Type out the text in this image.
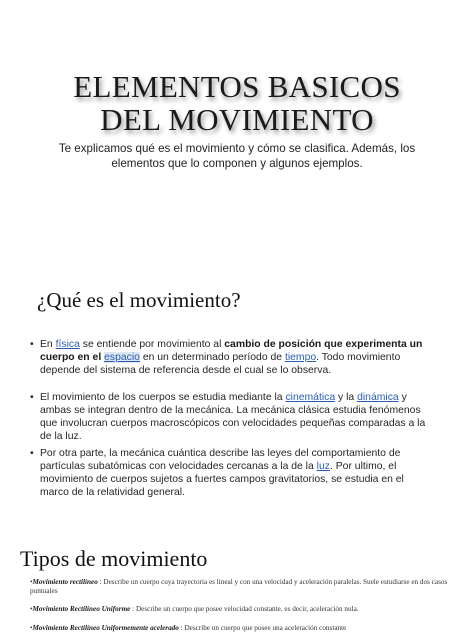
ELEMENTOS BASICOS
DEL MOVIMIENTO
Te explicamos qué es el movimiento y cómo se clasifica. Además, los
elementos que lo componen y algunos ejemplos.
¿Qué es el movimiento?
• En física se entiende por movimiento al cambio de posición que experimenta un cuerpo en el espacio en un determinado período de tiempo. Todo movimiento depende del sistema de referencia desde el cual se lo observa.
• El movimiento de los cuerpos se estudia mediante la cinemática y la dinámica y ambas se integran dentro de la mecánica. La mecánica clásica estudia fenómenos que involucran cuerpos macroscópicos con velocidades pequeñas comparadas a la de la luz.
• Por otra parte, la mecánica cuántica describe las leyes del comportamiento de partículas subatómicas con velocidades cercanas a la de la luz. Por ultimo, el movimiento de cuerpos sujetos a fuertes campos gravitatorios, se estudia en el marco de la relatividad general.
Tipos de movimiento
•Movimiento rectilíneo : Describe un cuerpo cuya trayectoria es lineal y con una velocidad y aceleración paralelas. Suele estudiarse en dos casos puntuales
•Movimiento Rectilíneo Uniforme : Describe un cuerpo que posee velocidad constante, es decir, aceleración nula.
•Movimiento Rectilíneo Uniformemente acelerado : Describe un cuerpo que posee una aceleración constante
